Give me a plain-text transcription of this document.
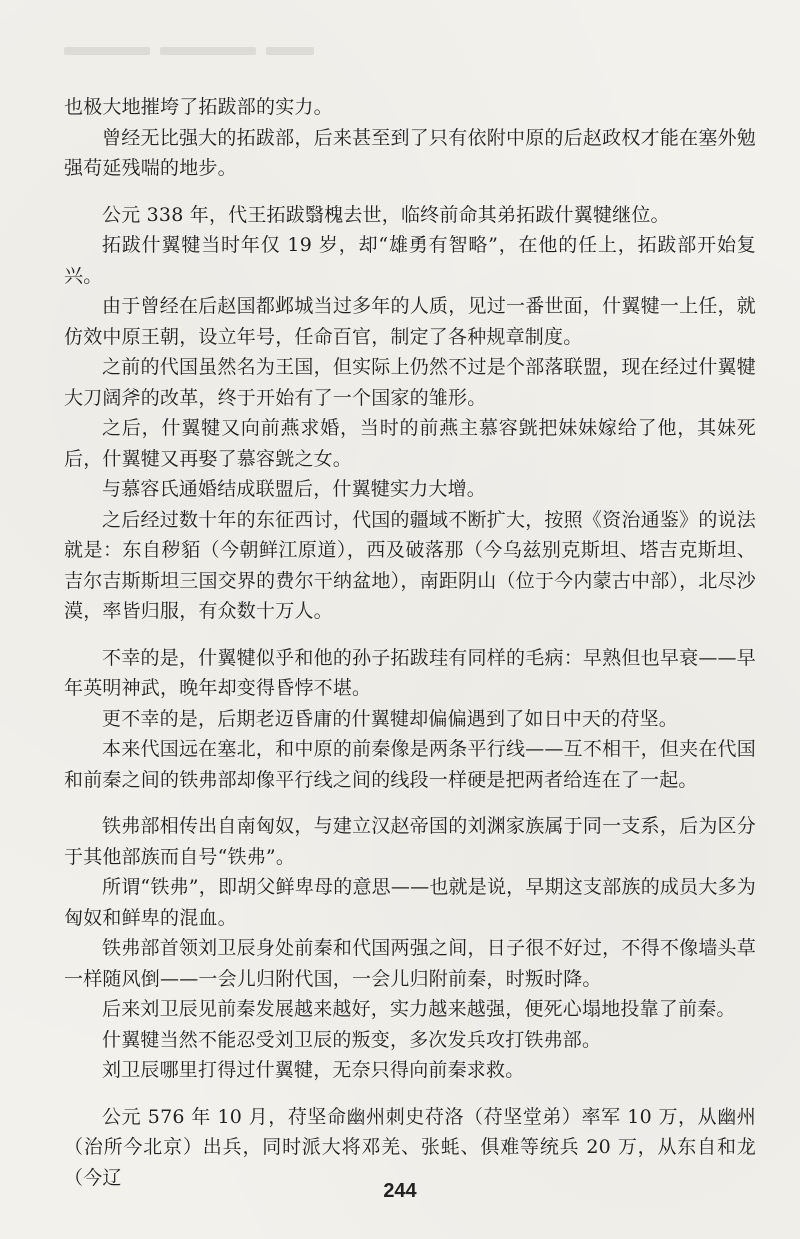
也极大地摧垮了拓跋部的实力。

曾经无比强大的拓跋部，后来甚至到了只有依附中原的后赵政权才能在塞外勉强苟延残喘的地步。

公元 338 年，代王拓跋翳槐去世，临终前命其弟拓跋什翼犍继位。

拓跋什翼犍当时年仅 19 岁，却“雄勇有智略”，在他的任上，拓跋部开始复兴。

由于曾经在后赵国都邺城当过多年的人质，见过一番世面，什翼犍一上任，就仿效中原王朝，设立年号，任命百官，制定了各种规章制度。

之前的代国虽然名为王国，但实际上仍然不过是个部落联盟，现在经过什翼犍大刀阔斧的改革，终于开始有了一个国家的雏形。

之后，什翼犍又向前燕求婚，当时的前燕主慕容皝把妹妹嫁给了他，其妹死后，什翼犍又再娶了慕容皝之女。

与慕容氏通婚结成联盟后，什翼犍实力大增。

之后经过数十年的东征西讨，代国的疆域不断扩大，按照《资治通鉴》的说法就是：东自秽貊（今朝鲜江原道），西及破落那（今乌兹别克斯坦、塔吉克斯坦、吉尔吉斯斯坦三国交界的费尔干纳盆地），南距阴山（位于今内蒙古中部），北尽沙漠，率皆归服，有众数十万人。

不幸的是，什翼犍似乎和他的孙子拓跋珪有同样的毛病：早熟但也早衰——早年英明神武，晚年却变得昏悖不堪。

更不幸的是，后期老迈昏庸的什翼犍却偏偏遇到了如日中天的苻坚。

本来代国远在塞北，和中原的前秦像是两条平行线——互不相干，但夹在代国和前秦之间的铁弗部却像平行线之间的线段一样硬是把两者给连在了一起。

铁弗部相传出自南匈奴，与建立汉赵帝国的刘渊家族属于同一支系，后为区分于其他部族而自号“铁弗”。

所谓“铁弗”，即胡父鲜卑母的意思——也就是说，早期这支部族的成员大多为匈奴和鲜卑的混血。

铁弗部首领刘卫辰身处前秦和代国两强之间，日子很不好过，不得不像墙头草一样随风倒——一会儿归附代国，一会儿归附前秦，时叛时降。

后来刘卫辰见前秦发展越来越好，实力越来越强，便死心塌地投靠了前秦。

什翼犍当然不能忍受刘卫辰的叛变，多次发兵攻打铁弗部。

刘卫辰哪里打得过什翼犍，无奈只得向前秦求救。

公元 576 年 10 月，苻坚命幽州刺史苻洛（苻坚堂弟）率军 10 万，从幽州（治所今北京）出兵，同时派大将邓羌、张蚝、俱难等统兵 20 万，从东自和龙（今辽

244
